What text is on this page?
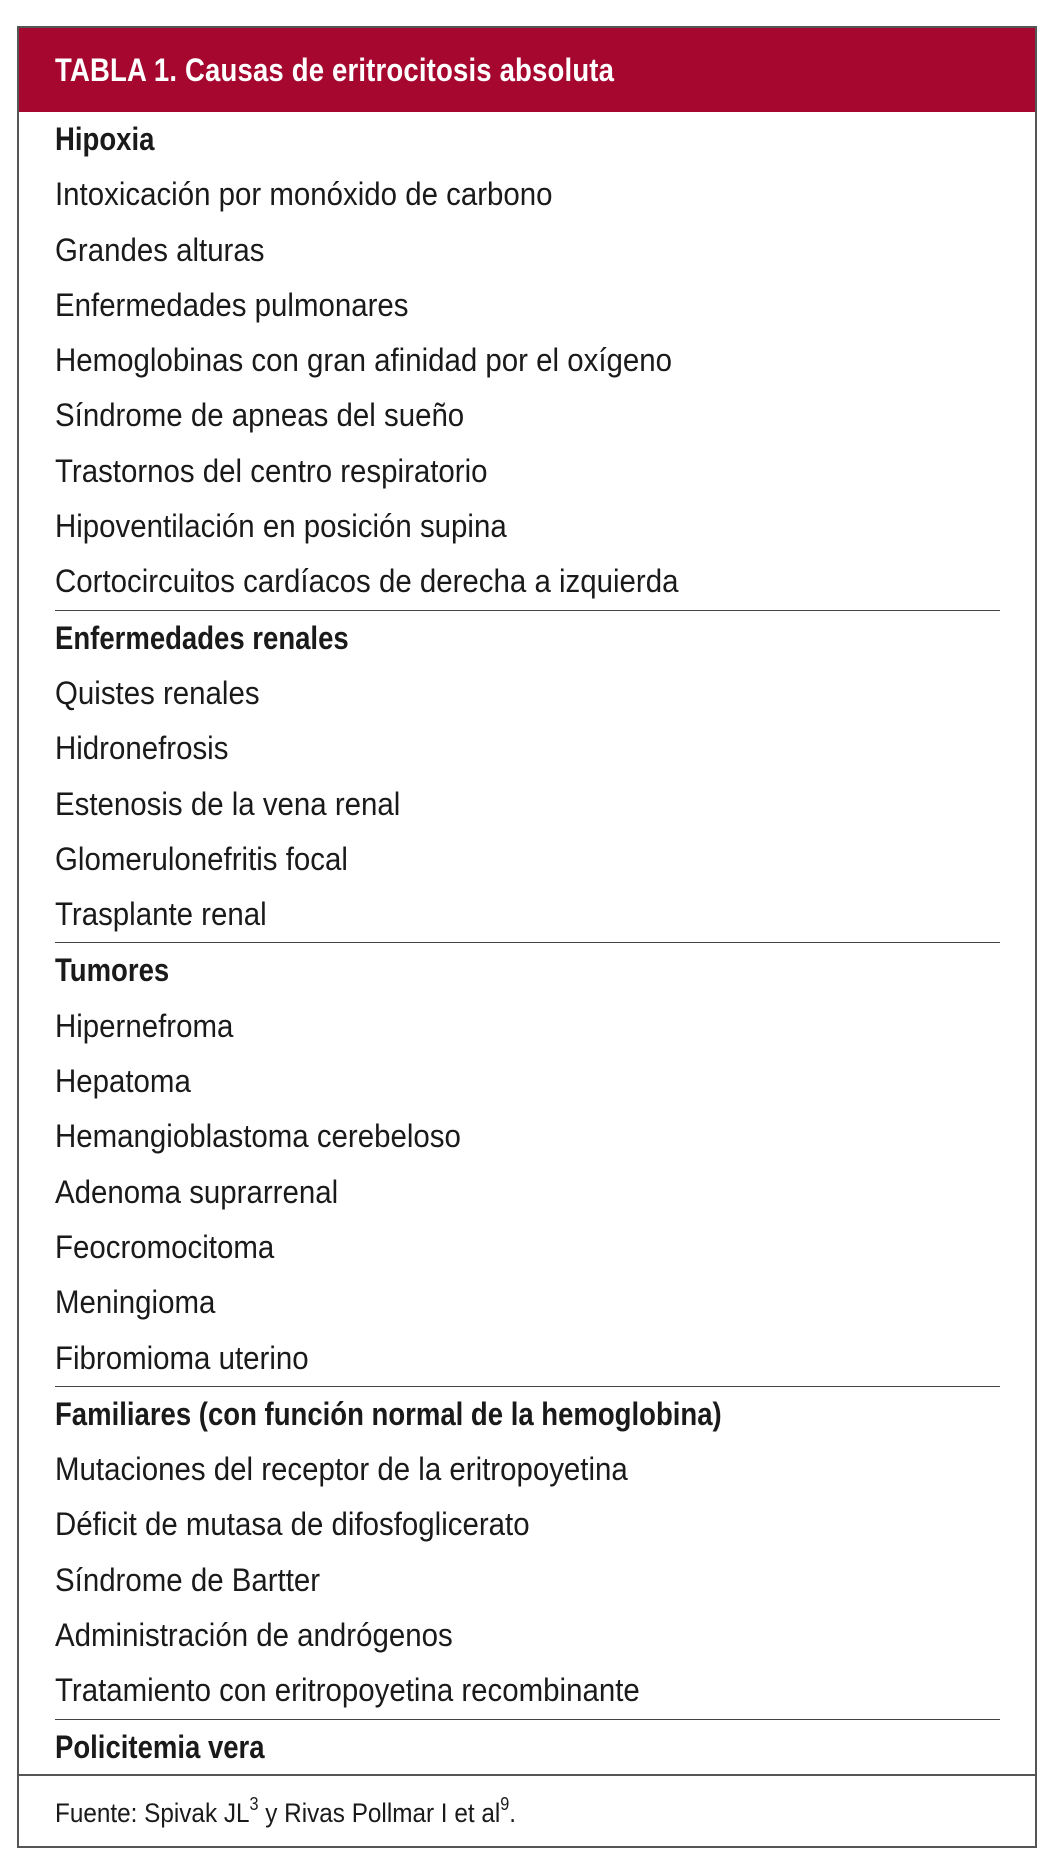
TABLA 1. Causas de eritrocitosis absoluta
Hipoxia
Intoxicación por monóxido de carbono
Grandes alturas
Enfermedades pulmonares
Hemoglobinas con gran afinidad por el oxígeno
Síndrome de apneas del sueño
Trastornos del centro respiratorio
Hipoventilación en posición supina
Cortocircuitos cardíacos de derecha a izquierda
Enfermedades renales
Quistes renales
Hidronefrosis
Estenosis de la vena renal
Glomerulonefritis focal
Trasplante renal
Tumores
Hipernefroma
Hepatoma
Hemangioblastoma cerebeloso
Adenoma suprarrenal
Feocromocitoma
Meningioma
Fibromioma uterino
Familiares (con función normal de la hemoglobina)
Mutaciones del receptor de la eritropoyetina
Déficit de mutasa de difosfoglicerato
Síndrome de Bartter
Administración de andrógenos
Tratamiento con eritropoyetina recombinante
Policitemia vera
Fuente: Spivak $JL^3$ y Rivas Pollmar I et $al^9$.
